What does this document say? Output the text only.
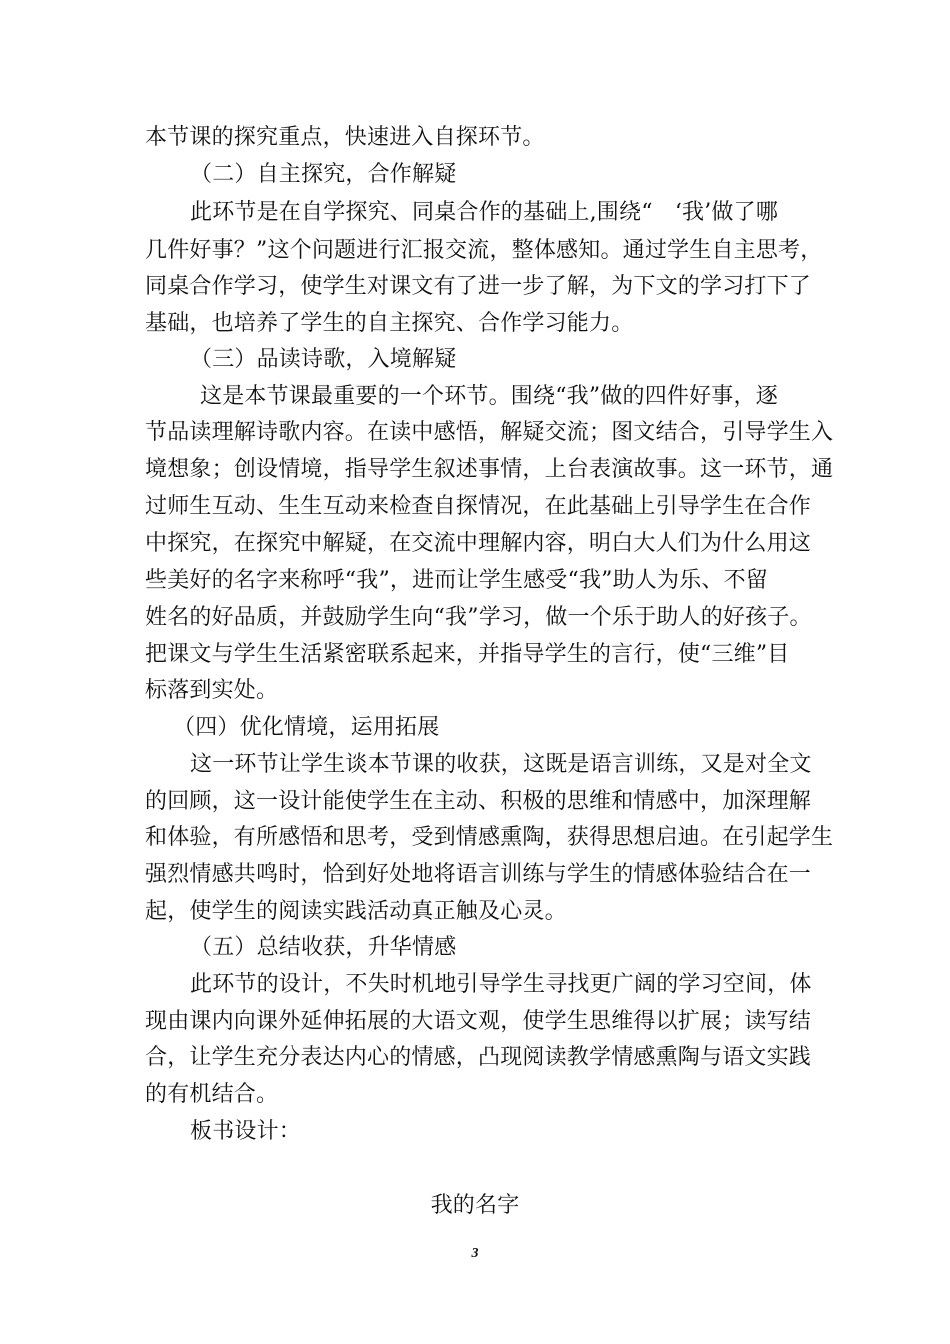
本节课的探究重点，快速进入自探环节。
（二）自主探究，合作解疑
此环节是在自学探究、同桌合作的基础上,围绕“　‘我’做了哪
几件好事？”这个问题进行汇报交流，整体感知。通过学生自主思考，
同桌合作学习，使学生对课文有了进一步了解，为下文的学习打下了
基础，也培养了学生的自主探究、合作学习能力。
（三）品读诗歌，入境解疑
这是本节课最重要的一个环节。围绕“我”做的四件好事，逐
节品读理解诗歌内容。在读中感悟，解疑交流；图文结合，引导学生入
境想象；创设情境，指导学生叙述事情，上台表演故事。这一环节，通
过师生互动、生生互动来检查自探情况，在此基础上引导学生在合作
中探究，在探究中解疑，在交流中理解内容，明白大人们为什么用这
些美好的名字来称呼“我”，进而让学生感受“我”助人为乐、不留
姓名的好品质，并鼓励学生向“我”学习，做一个乐于助人的好孩子。
把课文与学生生活紧密联系起来，并指导学生的言行，使“三维”目
标落到实处。
（四）优化情境，运用拓展
这一环节让学生谈本节课的收获，这既是语言训练，又是对全文
的回顾，这一设计能使学生在主动、积极的思维和情感中，加深理解
和体验，有所感悟和思考，受到情感熏陶，获得思想启迪。在引起学生
强烈情感共鸣时，恰到好处地将语言训练与学生的情感体验结合在一
起，使学生的阅读实践活动真正触及心灵。
（五）总结收获，升华情感
此环节的设计，不失时机地引导学生寻找更广阔的学习空间，体
现由课内向课外延伸拓展的大语文观，使学生思维得以扩展；读写结
合，让学生充分表达内心的情感，凸现阅读教学情感熏陶与语文实践
的有机结合。
板书设计：
我的名字
3
